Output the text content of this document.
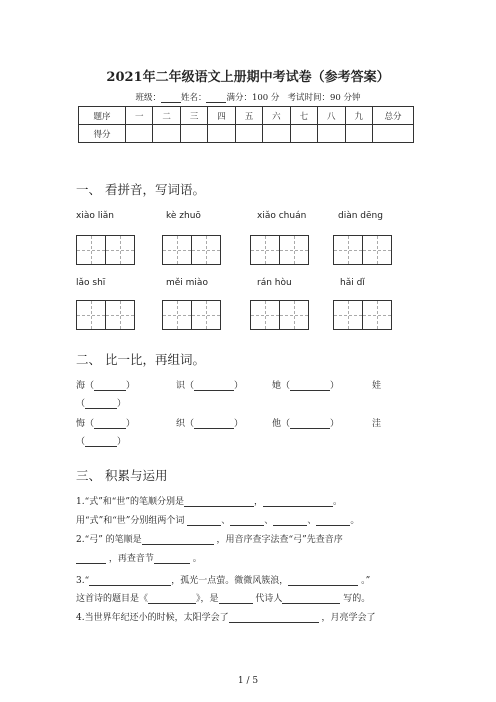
2021年二年级语文上册期中考试卷（参考答案）
班级： 姓名： 满分：100 分 考试时间：90 分钟
题序	一	二	三	四	五	六	七	八	九	总分
得分										
一、 看拼音，写词语。
xiào liǎn	kè zhuō	xiǎo chuán	diàn dēng
lǎo shī	měi miào	rán hòu	hǎi dǐ
二、 比一比，再组词。
海（	）	识（	）	她（	）	娃
（	）
悔（	）	织（	）	他（	）	洼
（	）
三、 积累与运用
1.“式”和“世”的笔顺分别是	，	。
用“式”和“世”分别组两个词	、	、	、	。
2.“弓” 的笔顺是	，用音序查字法查“弓”先查音序
，再查音节	。
3.“	，孤光一点萤。微微风簇浪，	。”
这首诗的题目是《	》，是	代诗人	写的。
4.当世界年纪还小的时候，太阳学会了	，月亮学会了
1 / 5
